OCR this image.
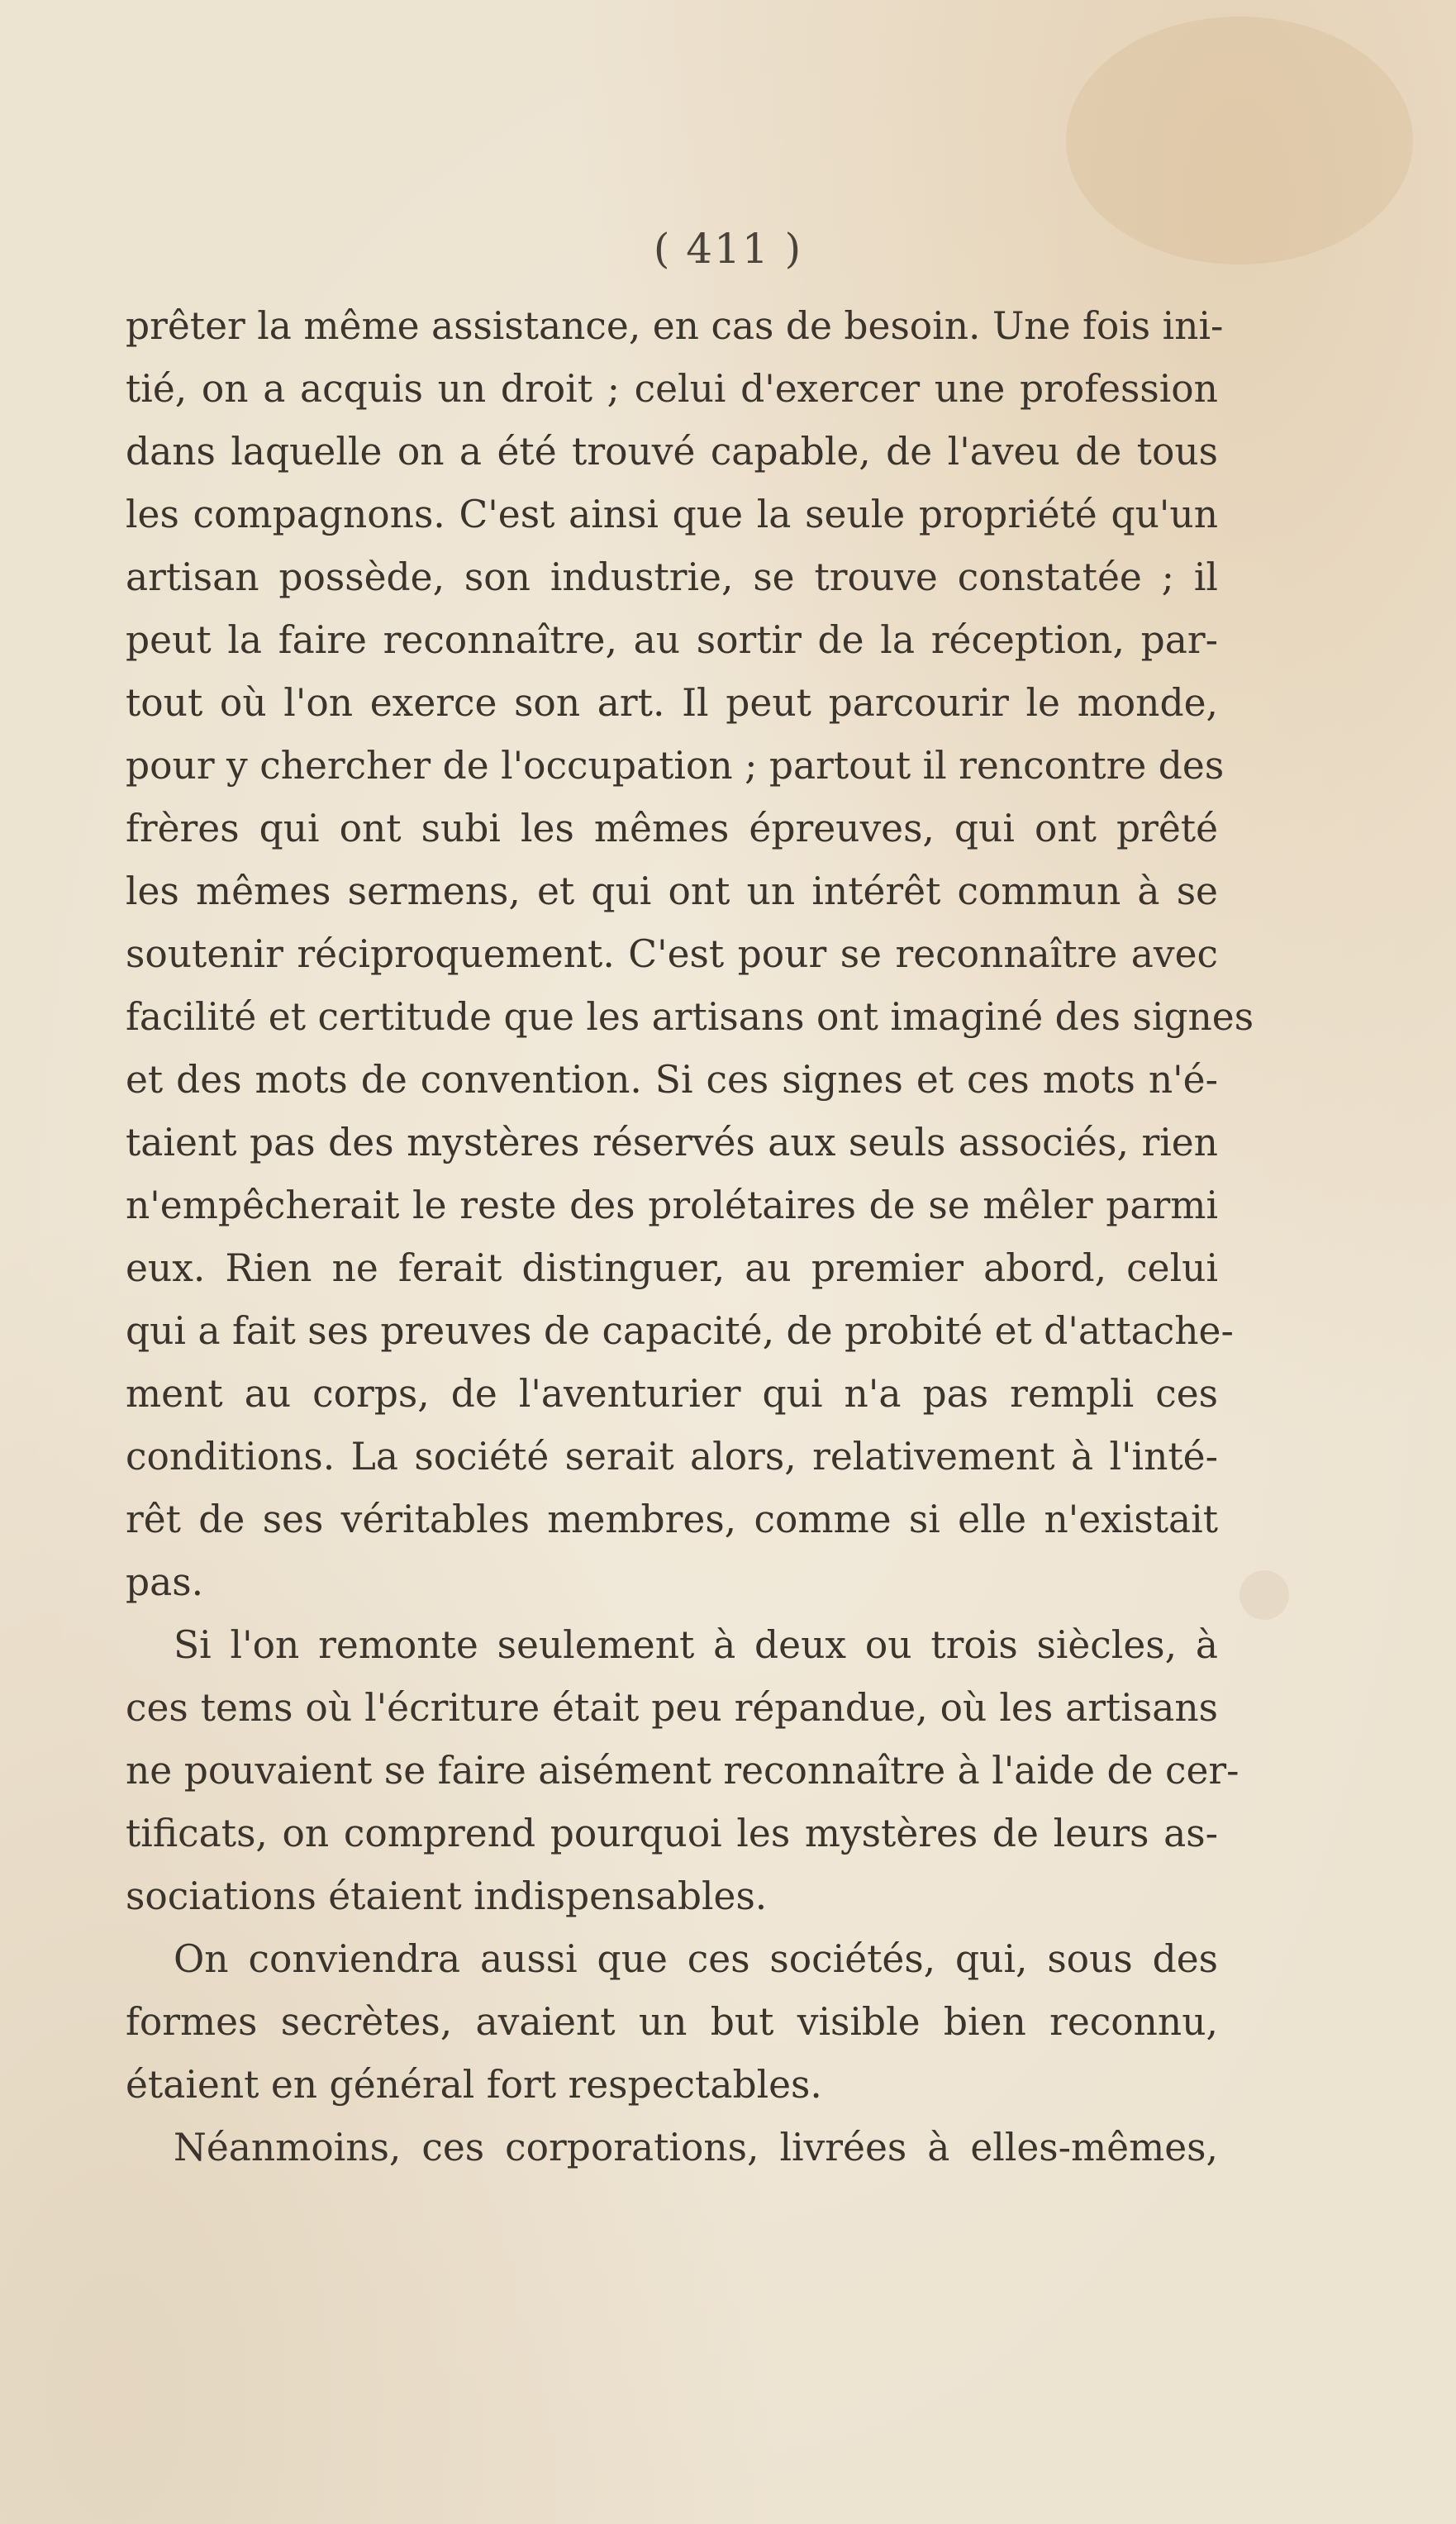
( 411 )
prêter la même assistance, en cas de besoin. Une fois ini-
tié, on a acquis un droit ; celui d'exercer une profession
dans laquelle on a été trouvé capable, de l'aveu de tous
les compagnons. C'est ainsi que la seule propriété qu'un
artisan possède, son industrie, se trouve constatée ; il
peut la faire reconnaître, au sortir de la réception, par-
tout où l'on exerce son art. Il peut parcourir le monde,
pour y chercher de l'occupation ; partout il rencontre des
frères qui ont subi les mêmes épreuves, qui ont prêté
les mêmes sermens, et qui ont un intérêt commun à se
soutenir réciproquement. C'est pour se reconnaître avec
facilité et certitude que les artisans ont imaginé des signes
et des mots de convention. Si ces signes et ces mots n'é-
taient pas des mystères réservés aux seuls associés, rien
n'empêcherait le reste des prolétaires de se mêler parmi
eux. Rien ne ferait distinguer, au premier abord, celui
qui a fait ses preuves de capacité, de probité et d'attache-
ment au corps, de l'aventurier qui n'a pas rempli ces
conditions. La société serait alors, relativement à l'inté-
rêt de ses véritables membres, comme si elle n'existait
pas.
Si l'on remonte seulement à deux ou trois siècles, à
ces tems où l'écriture était peu répandue, où les artisans
ne pouvaient se faire aisément reconnaître à l'aide de cer-
tificats, on comprend pourquoi les mystères de leurs as-
sociations étaient indispensables.
On conviendra aussi que ces sociétés, qui, sous des
formes secrètes, avaient un but visible bien reconnu,
étaient en général fort respectables.
Néanmoins, ces corporations, livrées à elles-mêmes,
